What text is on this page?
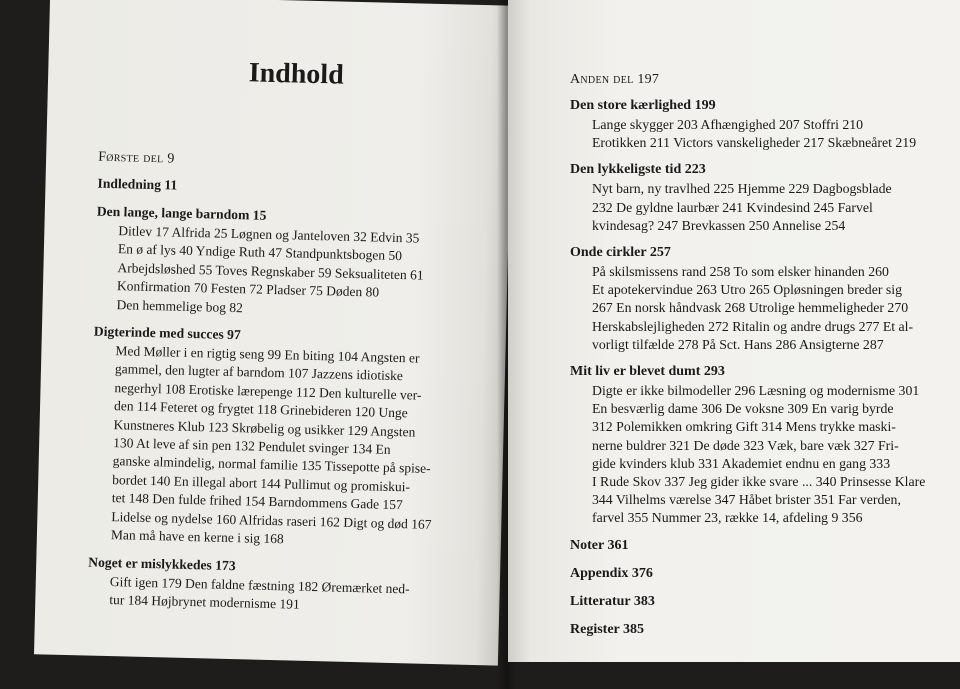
Indhold
Første del 9
Indledning 11
Den lange, lange barndom 15
Ditlev 17 Alfrida 25 Løgnen og Janteloven 32 Edvin 35
En ø af lys 40 Yndige Ruth 47 Standpunktsbogen 50
Arbejdsløshed 55 Toves Regnskaber 59 Seksualiteten 61
Konfirmation 70 Festen 72 Pladser 75 Døden 80
Den hemmelige bog 82
Digterinde med succes 97
Med Møller i en rigtig seng 99 En biting 104 Angsten er
gammel, den lugter af barndom 107 Jazzens idiotiske
negerhyl 108 Erotiske lærepenge 112 Den kulturelle ver-
den 114 Feteret og frygtet 118 Grinebideren 120 Unge
Kunstneres Klub 123 Skrøbelig og usikker 129 Angsten
130 At leve af sin pen 132 Pendulet svinger 134 En
ganske almindelig, normal familie 135 Tissepotte på spise-
bordet 140 En illegal abort 144 Pullimut og promiskui-
tet 148 Den fulde frihed 154 Barndommens Gade 157
Lidelse og nydelse 160 Alfridas raseri 162 Digt og død 167
Man må have en kerne i sig 168
Noget er mislykkedes 173
Gift igen 179 Den faldne fæstning 182 Øremærket ned-
tur 184 Højbrynet modernisme 191
Anden del 197
Den store kærlighed 199
Lange skygger 203 Afhængighed 207 Stoffri 210
Erotikken 211 Victors vanskeligheder 217 Skæbneåret 219
Den lykkeligste tid 223
Nyt barn, ny travlhed 225 Hjemme 229 Dagbogsblade
232 De gyldne laurbær 241 Kvindesind 245 Farvel
kvindesag? 247 Brevkassen 250 Annelise 254
Onde cirkler 257
På skilsmissens rand 258 To som elsker hinanden 260
Et apotekervindue 263 Utro 265 Opløsningen breder sig
267 En norsk håndvask 268 Utrolige hemmeligheder 270
Herskabslejligheden 272 Ritalin og andre drugs 277 Et al-
vorligt tilfælde 278 På Sct. Hans 286 Ansigterne 287
Mit liv er blevet dumt 293
Digte er ikke bilmodeller 296 Læsning og modernisme 301
En besværlig dame 306 De voksne 309 En varig byrde
312 Polemikken omkring Gift 314 Mens trykke maski-
nerne buldrer 321 De døde 323 Væk, bare væk 327 Fri-
gide kvinders klub 331 Akademiet endnu en gang 333
I Rude Skov 337 Jeg gider ikke svare ... 340 Prinsesse Klare
344 Vilhelms værelse 347 Håbet brister 351 Far verden,
farvel 355 Nummer 23, række 14, afdeling 9 356
Noter 361
Appendix 376
Litteratur 383
Register 385
